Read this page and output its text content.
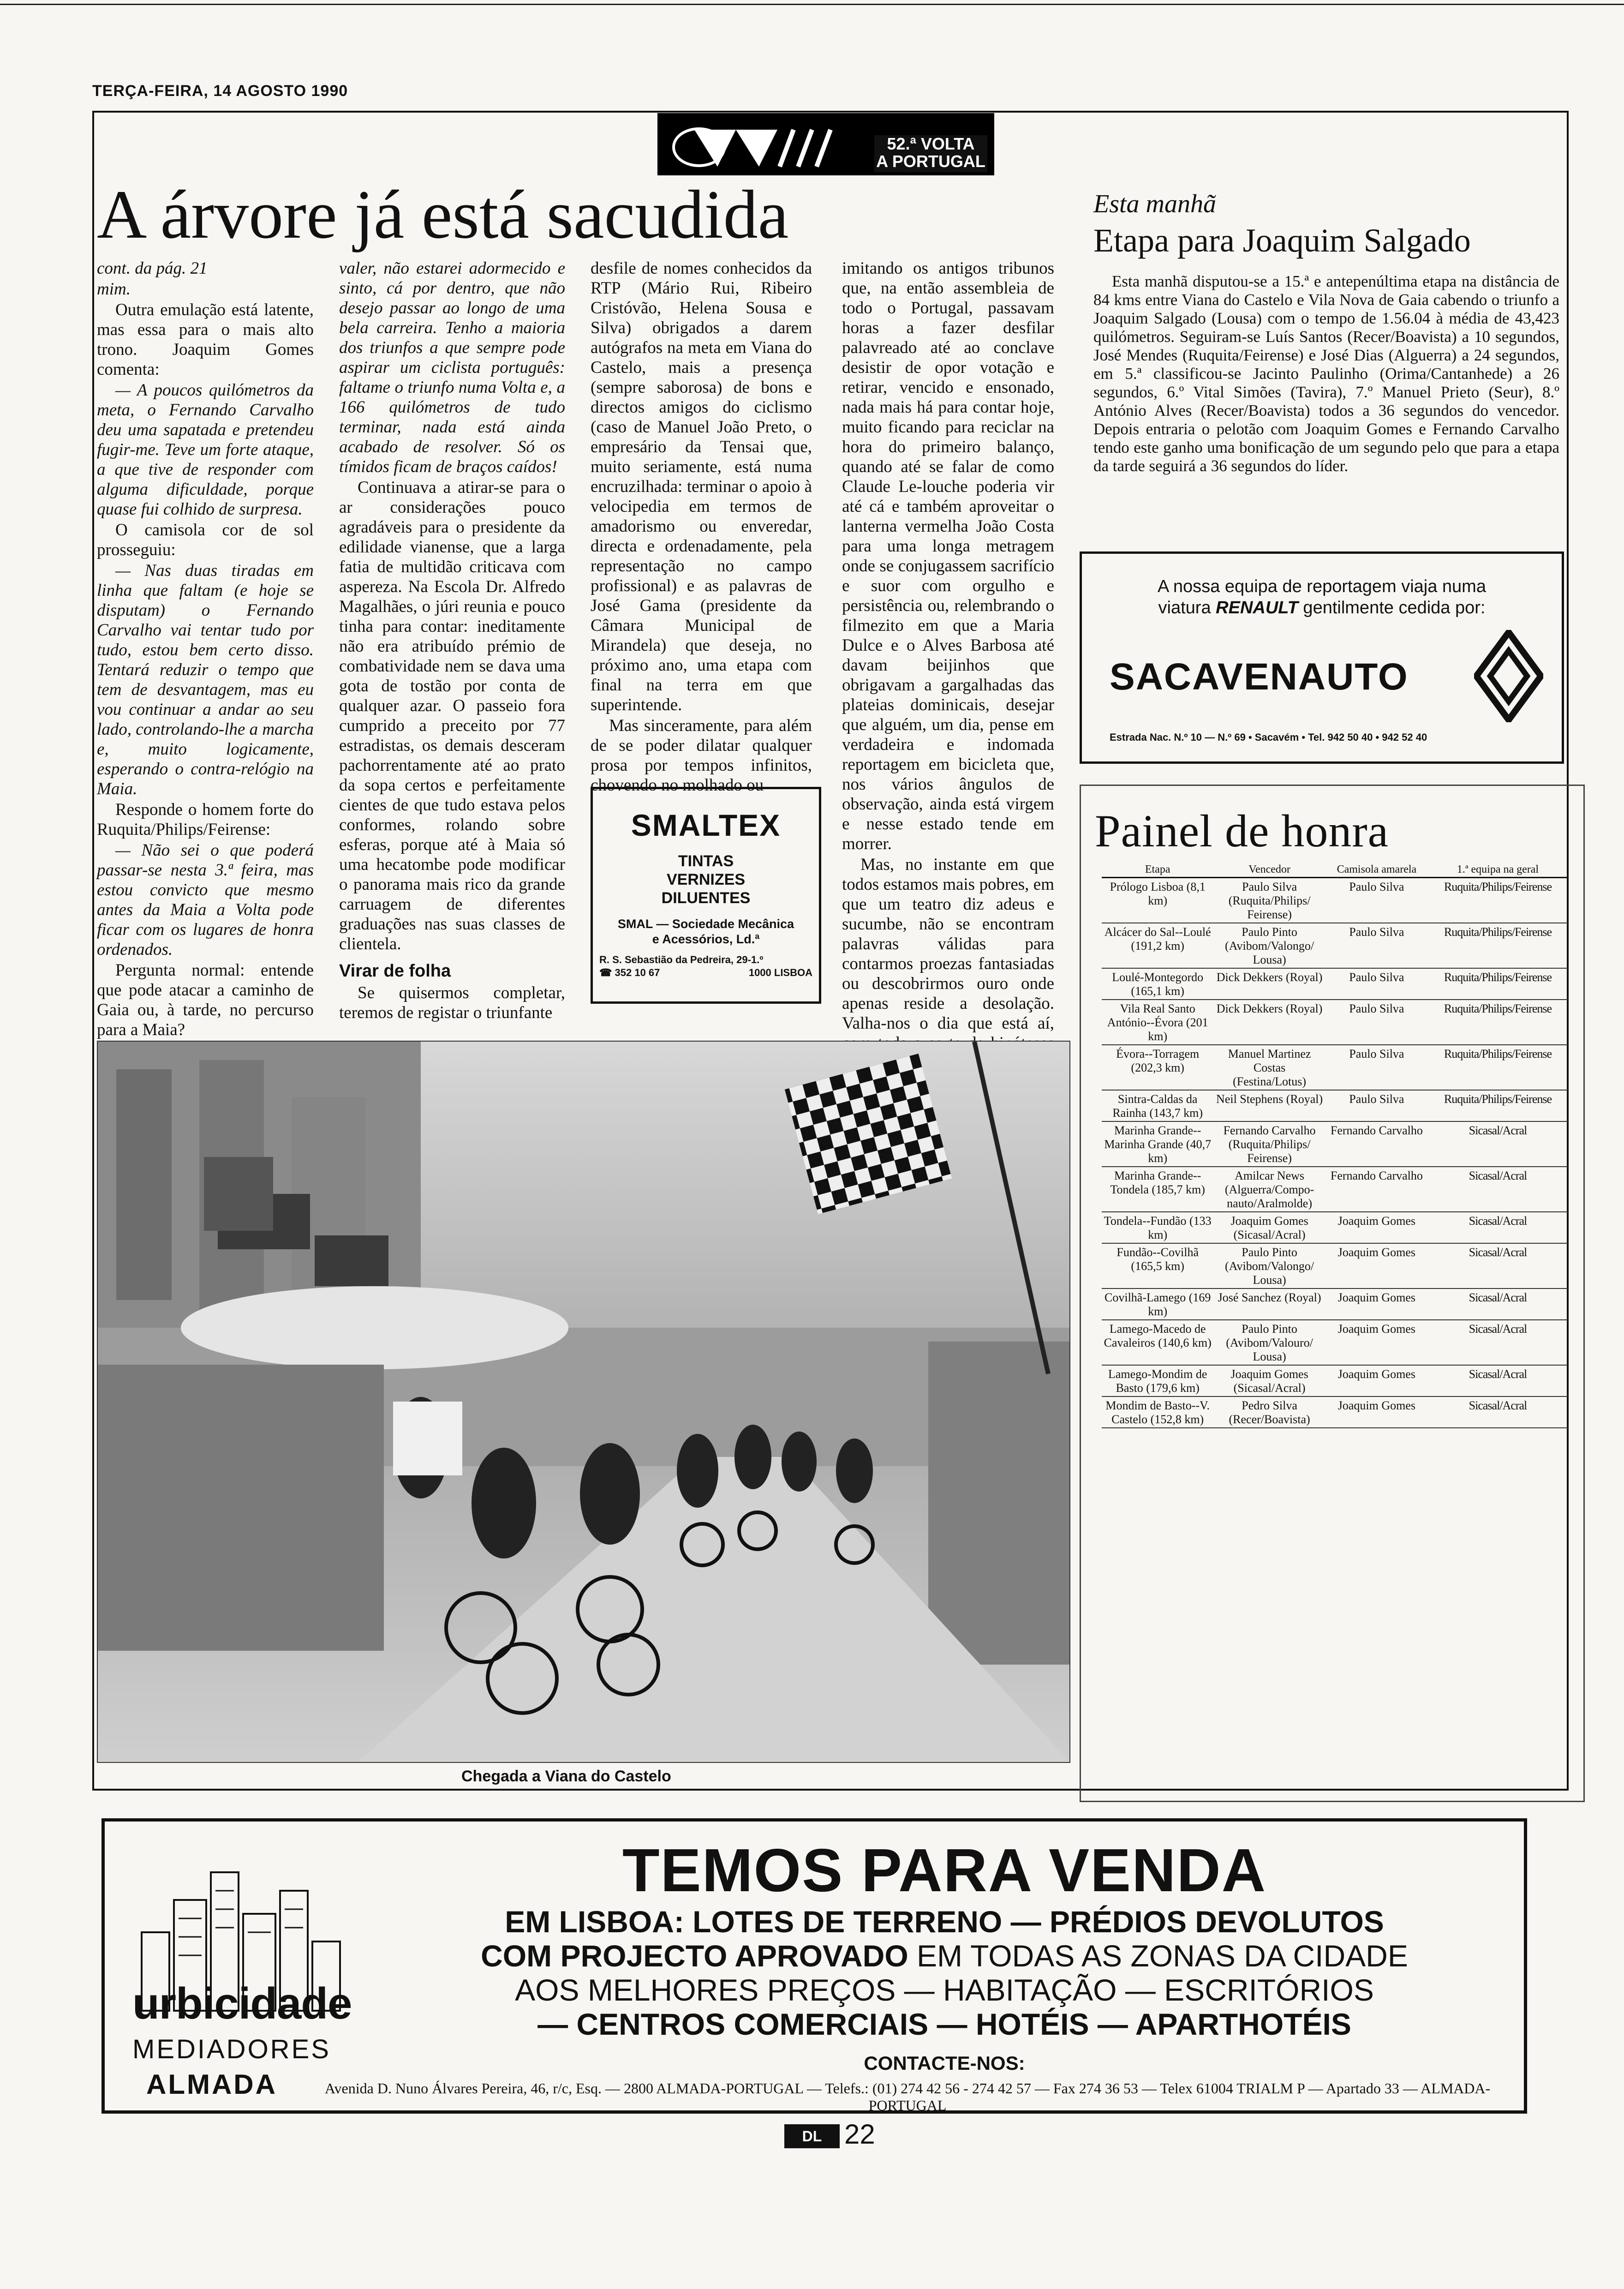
TERÇA-FEIRA, 14 AGOSTO 1990
52.ª VOLTA
A PORTUGAL
A árvore já está sacudida

cont. da pág. 21

mim.

Outra emulação está latente, mas essa para o mais alto trono. Joaquim Gomes comenta:

— A poucos quilómetros da meta, o Fernando Carvalho deu uma sapatada e pretendeu fugir-me. Teve um forte ataque, a que tive de responder com alguma dificuldade, porque quase fui colhido de surpresa.

O camisola cor de sol prosseguiu:

— Nas duas tiradas em linha que faltam (e hoje se disputam) o Fernando Carvalho vai tentar tudo por tudo, estou bem certo disso. Tentará reduzir o tempo que tem de desvantagem, mas eu vou continuar a andar ao seu lado, controlando-lhe a marcha e, muito logicamente, esperando o contra-relógio na Maia.

Responde o homem forte do Ruquita/Philips/Feirense:

— Não sei o que poderá passar-se nesta 3.ª feira, mas estou convicto que mesmo antes da Maia a Volta pode ficar com os lugares de honra ordenados.

Pergunta normal: entende que pode atacar a caminho de Gaia ou, à tarde, no percurso para a Maia?

valer, não estarei adormecido e sinto, cá por dentro, que não desejo passar ao longo de uma bela carreira. Tenho a maioria dos triunfos a que sempre pode aspirar um ciclista português: faltame o triunfo numa Volta e, a 166 quilómetros de tudo terminar, nada está ainda acabado de resolver. Só os tímidos ficam de braços caídos!

Continuava a atirar-se para o ar considerações pouco agradáveis para o presidente da edilidade vianense, que a larga fatia de multidão criticava com aspereza. Na Escola Dr. Alfredo Magalhães, o júri reunia e pouco tinha para contar: ineditamente não era atribuído prémio de combatividade nem se dava uma gota de tostão por conta de qualquer azar. O passeio fora cumprido a preceito por 77 estradistas, os demais desceram pachorrentamente até ao prato da sopa certos e perfeitamente cientes de que tudo estava pelos conformes, rolando sobre esferas, porque até à Maia só uma hecatombe pode modificar o panorama mais rico da grande carruagem de diferentes graduações nas suas classes de clientela.

Virar de folha

Se quisermos completar, teremos de registar o triunfante

desfile de nomes conhecidos da RTP (Mário Rui, Ribeiro Cristóvão, Helena Sousa e Silva) obrigados a darem autógrafos na meta em Viana do Castelo, mais a presença (sempre saborosa) de bons e directos amigos do ciclismo (caso de Manuel João Preto, o empresário da Tensai que, muito seriamente, está numa encruzilhada: terminar o apoio à velocipedia em termos de amadorismo ou enveredar, directa e ordenadamente, pela representação no campo profissional) e as palavras de José Gama (presidente da Câmara Municipal de Mirandela) que deseja, no próximo ano, uma etapa com final na terra em que superintende.

Mas sinceramente, para além de se poder dilatar qualquer prosa por tempos infinitos, chovendo no molhado ou

imitando os antigos tribunos que, na então assembleia de todo o Portugal, passavam horas a fazer desfilar palavreado até ao conclave desistir de opor votação e retirar, vencido e ensonado, nada mais há para contar hoje, muito ficando para reciclar na hora do primeiro balanço, quando até se falar de como Claude Le-louche poderia vir até cá e também aproveitar o lanterna vermelha João Costa para uma longa metragem onde se conjugassem sacrifício e suor com orgulho e persistência ou, relembrando o filmezito em que a Maria Dulce e o Alves Barbosa até davam beijinhos que obrigavam a gargalhadas das plateias dominicais, desejar que alguém, um dia, pense em verdadeira e indomada reportagem em bicicleta que, nos vários ângulos de observação, ainda está virgem e nesse estado tende em morrer.

Mas, no instante em que todos estamos mais pobres, em que um teatro diz adeus e sucumbe, não se encontram palavras válidas para contarmos proezas fantasiadas ou descobrirmos ouro onde apenas reside a desolação. Valha-nos o dia que está aí,

SMALTEX
TINTAS
VERNIZES
DILUENTES
SMAL — Sociedade Mecânica
e Acessórios, Ld.ª
R. S. Sebastião da Pedreira, 29-1.º
☎ 352 10 67	1000 LISBOA
Chegada a Viana do Castelo
Esta manhã
Etapa para Joaquim Salgado

Esta manhã disputou-se a 15.ª e antepenúltima etapa na distância de 84 kms entre Viana do Castelo e Vila Nova de Gaia cabendo o triunfo a Joaquim Salgado (Lousa) com o tempo de 1.56.04 à média de 43,423 quilómetros. Seguiram-se Luís Santos (Recer/Boavista) a 10 segundos, José Mendes (Ruquita/Feirense) e José Dias (Alguerra) a 24 segundos, em 5.ª classificou-se Jacinto Paulinho (Orima/Cantanhede) a 26 segundos, 6.º Vital Simões (Tavira), 7.º Manuel Prieto (Seur), 8.º António Alves (Recer/Boavista) todos a 36 segundos do vencedor. Depois entraria o pelotão com Joaquim Gomes e Fernando Carvalho tendo este ganho uma bonificação de um segundo pelo que para a etapa da tarde seguirá a 36 segundos do líder.

A nossa equipa de reportagem viaja numa
viatura RENAULT gentilmente cedida por:
SACAVENAUTO
Estrada Nac. N.º 10 — N.º 69 • Sacavém • Tel. 942 50 40 • 942 52 40
Painel de honra
Etapa	Vencedor	Camisola amarela	1.ª equipa na geral
Prólogo Lisboa (8,1 km)	Paulo Silva (Ruquita/Philips/ Feirense)	Paulo Silva	Ruquita/Philips/Feirense
Alcácer do Sal--Loulé (191,2 km)	Paulo Pinto (Avibom/Valongo/ Lousa)	Paulo Silva	Ruquita/Philips/Feirense
Loulé-Montegordo (165,1 km)	Dick Dekkers (Royal)	Paulo Silva	Ruquita/Philips/Feirense
Vila Real Santo António--Évora (201 km)	Dick Dekkers (Royal)	Paulo Silva	Ruquita/Philips/Feirense
Évora--Torragem (202,3 km)	Manuel Martinez Costas (Festina/Lotus)	Paulo Silva	Ruquita/Philips/Feirense
Sintra-Caldas da Rainha (143,7 km)	Neil Stephens (Royal)	Paulo Silva	Ruquita/Philips/Feirense
Marinha Grande--Marinha Grande (40,7 km)	Fernando Carvalho (Ruquita/Philips/ Feirense)	Fernando Carvalho	Sicasal/Acral
Marinha Grande--Tondela (185,7 km)	Amilcar News (Alguerra/Compo-nauto/Aralmolde)	Fernando Carvalho	Sicasal/Acral
Tondela--Fundão (133 km)	Joaquim Gomes (Sicasal/Acral)	Joaquim Gomes	Sicasal/Acral
Fundão--Covilhã (165,5 km)	Paulo Pinto (Avibom/Valongo/ Lousa)	Joaquim Gomes	Sicasal/Acral
Covilhã-Lamego (169 km)	José Sanchez (Royal)	Joaquim Gomes	Sicasal/Acral
Lamego-Macedo de Cavaleiros (140,6 km)	Paulo Pinto (Avibom/Valouro/ Lousa)	Joaquim Gomes	Sicasal/Acral
Lamego-Mondim de Basto (179,6 km)	Joaquim Gomes (Sicasal/Acral)	Joaquim Gomes	Sicasal/Acral
Mondim de Basto--V. Castelo (152,8 km)	Pedro Silva (Recer/Boavista)	Joaquim Gomes	Sicasal/Acral
urbicidade
MEDIADORES
ALMADA
TEMOS PARA VENDA
EM LISBOA: LOTES DE TERRENO — PRÉDIOS DEVOLUTOS
COM PROJECTO APROVADO EM TODAS AS ZONAS DA CIDADE
AOS MELHORES PREÇOS — HABITAÇÃO — ESCRITÓRIOS
— CENTROS COMERCIAIS — HOTÉIS — APARTHOTÉIS
CONTACTE-NOS:
Avenida D. Nuno Álvares Pereira, 46, r/c, Esq. — 2800 ALMADA-PORTUGAL — Telefs.: (01) 274 42 56 - 274 42 57 — Fax 274 36 53 — Telex 61004 TRIALM P — Apartado 33 — ALMADA-PORTUGAL
DL 22
